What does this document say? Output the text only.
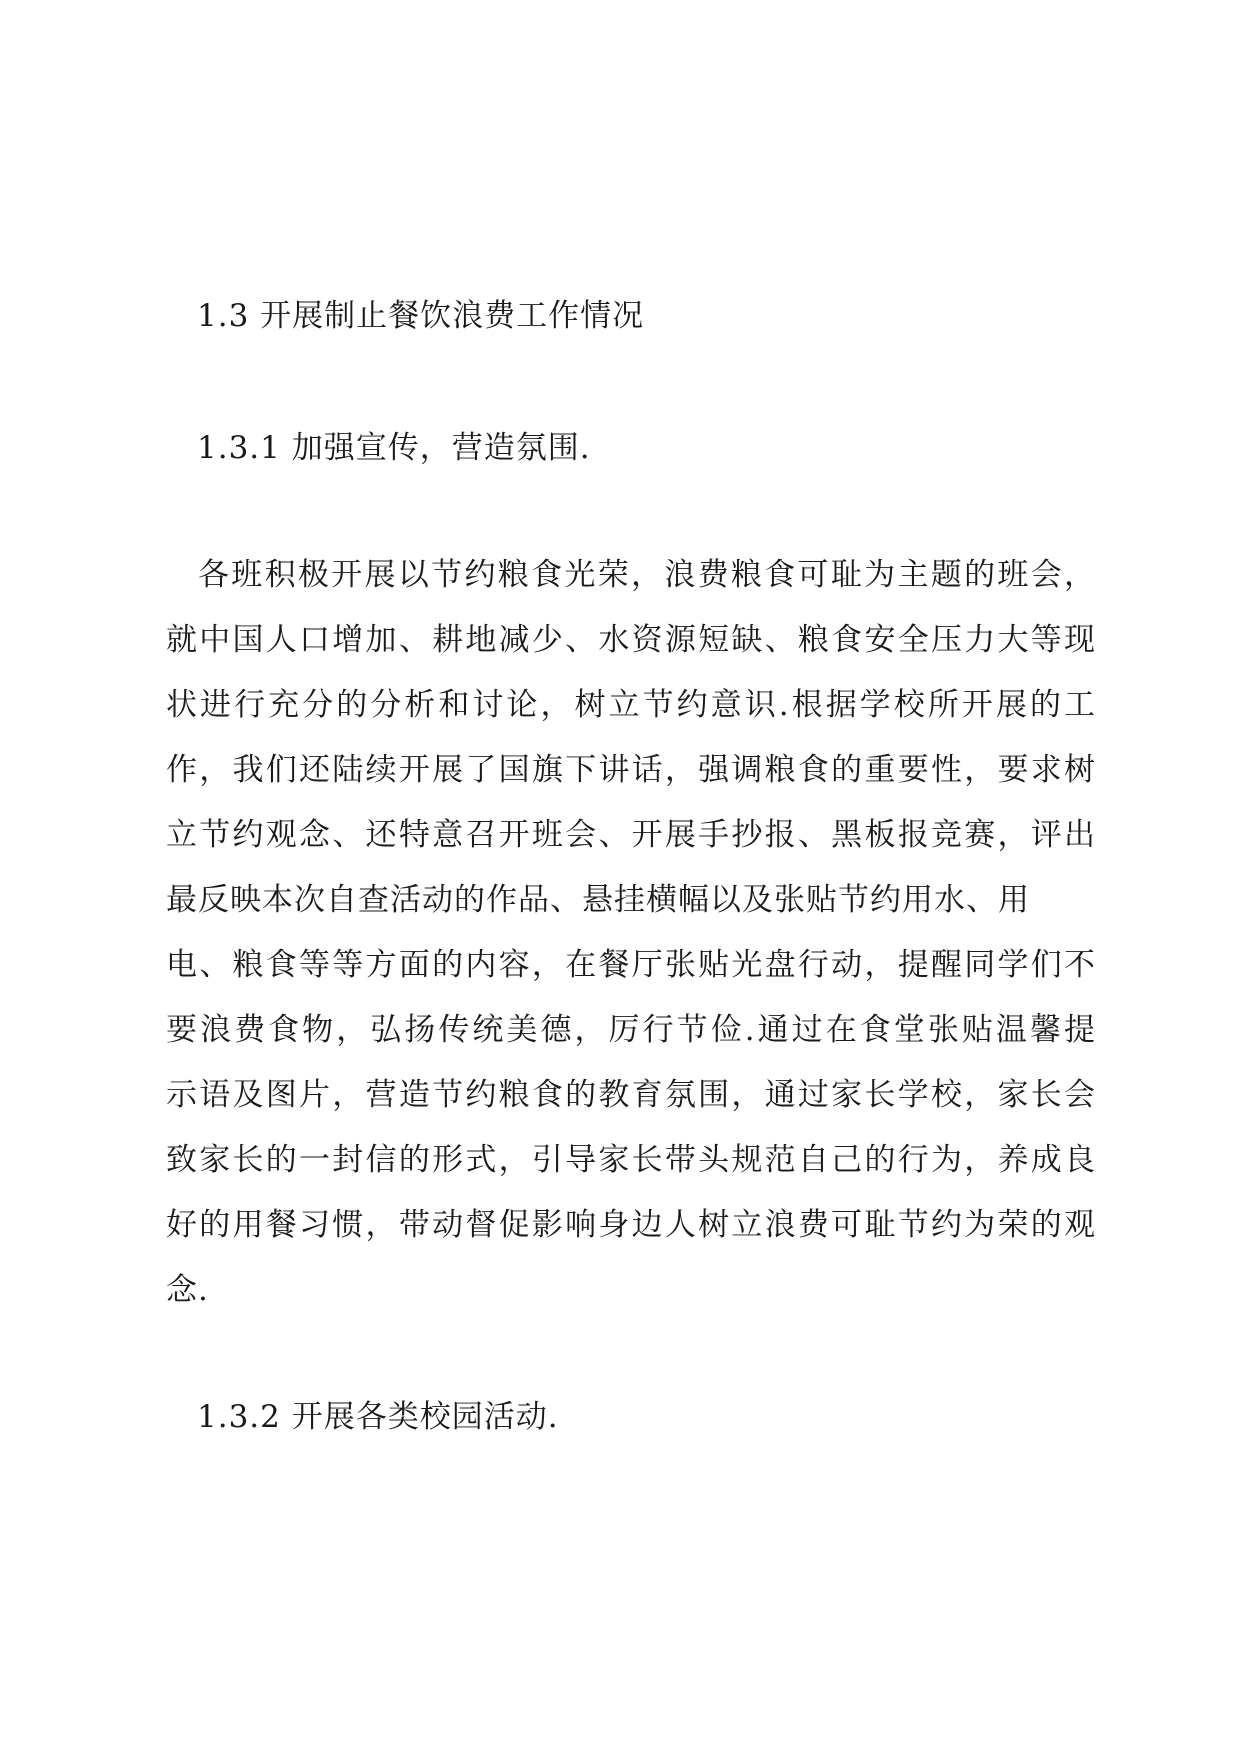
1.3 开展制止餐饮浪费工作情况
1.3.1 加强宣传，营造氛围.
各班积极开展以节约粮食光荣，浪费粮食可耻为主题的班会，
就中国人口增加、耕地减少、水资源短缺、粮食安全压力大等现
状进行充分的分析和讨论，树立节约意识.根据学校所开展的工
作，我们还陆续开展了国旗下讲话，强调粮食的重要性，要求树
立节约观念、还特意召开班会、开展手抄报、黑板报竞赛，评出
最反映本次自查活动的作品、悬挂横幅以及张贴节约用水、用
电、粮食等等方面的内容，在餐厅张贴光盘行动，提醒同学们不
要浪费食物，弘扬传统美德，厉行节俭.通过在食堂张贴温馨提
示语及图片，营造节约粮食的教育氛围，通过家长学校，家长会
致家长的一封信的形式，引导家长带头规范自己的行为，养成良
好的用餐习惯，带动督促影响身边人树立浪费可耻节约为荣的观
念.
1.3.2 开展各类校园活动.
